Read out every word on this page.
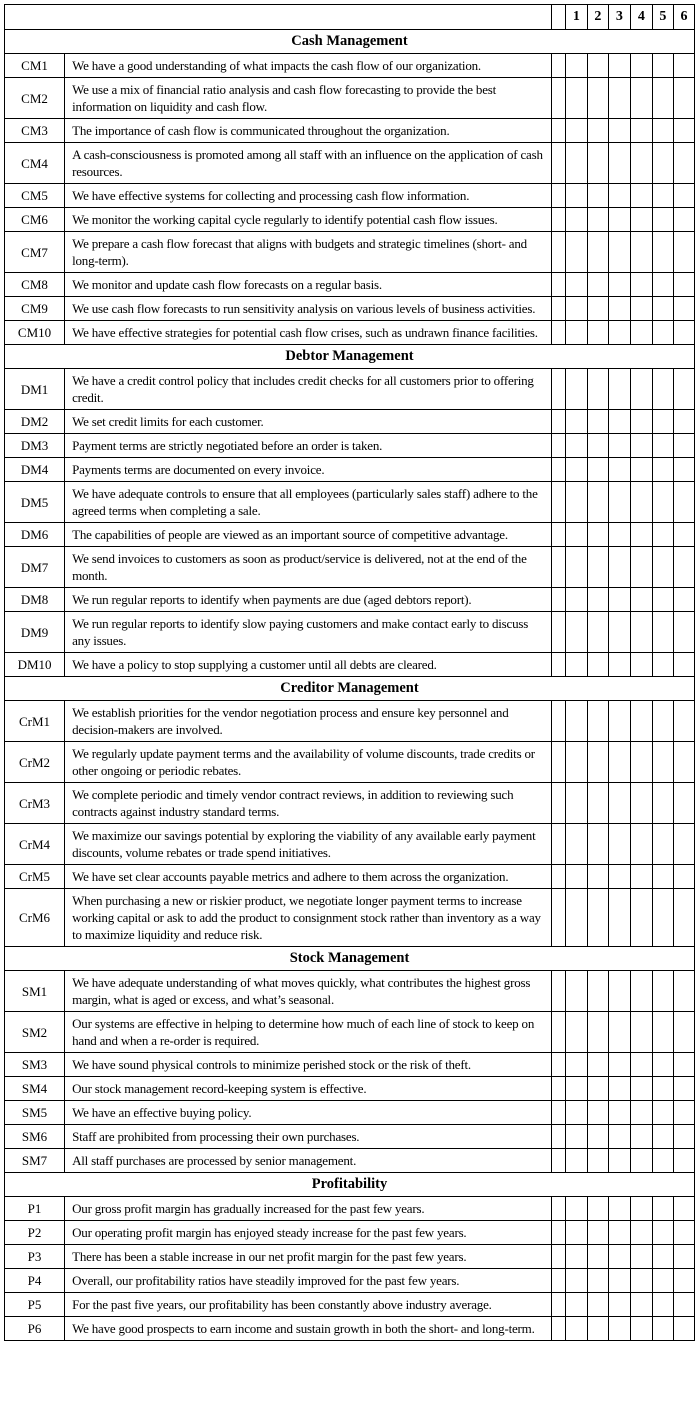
			1	2	3	4	5	6
Cash Management								
CM1	We have a good understanding of what impacts the cash flow of our organization.							
CM2	We use a mix of financial ratio analysis and cash flow forecasting to provide the best information on liquidity and cash flow.							
CM3	The importance of cash flow is communicated throughout the organization.							
CM4	A cash-consciousness is promoted among all staff with an influence on the application of cash resources.							
CM5	We have effective systems for collecting and processing cash flow information.							
CM6	We monitor the working capital cycle regularly to identify potential cash flow issues.							
CM7	We prepare a cash flow forecast that aligns with budgets and strategic timelines (short- and long-term).							
CM8	We monitor and update cash flow forecasts on a regular basis.							
CM9	We use cash flow forecasts to run sensitivity analysis on various levels of business activities.							
CM10	We have effective strategies for potential cash flow crises, such as undrawn finance facilities.							
Debtor Management								
DM1	We have a credit control policy that includes credit checks for all customers prior to offering credit.							
DM2	We set credit limits for each customer.							
DM3	Payment terms are strictly negotiated before an order is taken.							
DM4	Payments terms are documented on every invoice.							
DM5	We have adequate controls to ensure that all employees (particularly sales staff) adhere to the agreed terms when completing a sale.							
DM6	The capabilities of people are viewed as an important source of competitive advantage.							
DM7	We send invoices to customers as soon as product/service is delivered, not at the end of the month.							
DM8	We run regular reports to identify when payments are due (aged debtors report).							
DM9	We run regular reports to identify slow paying customers and make contact early to discuss any issues.							
DM10	We have a policy to stop supplying a customer until all debts are cleared.							
Creditor Management								
CrM1	We establish priorities for the vendor negotiation process and ensure key personnel and decision-makers are involved.							
CrM2	We regularly update payment terms and the availability of volume discounts, trade credits or other ongoing or periodic rebates.							
CrM3	We complete periodic and timely vendor contract reviews, in addition to reviewing such contracts against industry standard terms.							
CrM4	We maximize our savings potential by exploring the viability of any available early payment discounts, volume rebates or trade spend initiatives.							
CrM5	We have set clear accounts payable metrics and adhere to them across the organization.							
CrM6	When purchasing a new or riskier product, we negotiate longer payment terms to increase working capital or ask to add the product to consignment stock rather than inventory as a way to maximize liquidity and reduce risk.							
Stock Management								
SM1	We have adequate understanding of what moves quickly, what contributes the highest gross margin, what is aged or excess, and what’s seasonal.							
SM2	Our systems are effective in helping to determine how much of each line of stock to keep on hand and when a re-order is required.							
SM3	We have sound physical controls to minimize perished stock or the risk of theft.							
SM4	Our stock management record-keeping system is effective.							
SM5	We have an effective buying policy.							
SM6	Staff are prohibited from processing their own purchases.							
SM7	All staff purchases are processed by senior management.							
Profitability								
P1	Our gross profit margin has gradually increased for the past few years.							
P2	Our operating profit margin has enjoyed steady increase for the past few years.							
P3	There has been a stable increase in our net profit margin for the past few years.							
P4	Overall, our profitability ratios have steadily improved for the past few years.							
P5	For the past five years, our profitability has been constantly above industry average.							
P6	We have good prospects to earn income and sustain growth in both the short- and long-term.							
